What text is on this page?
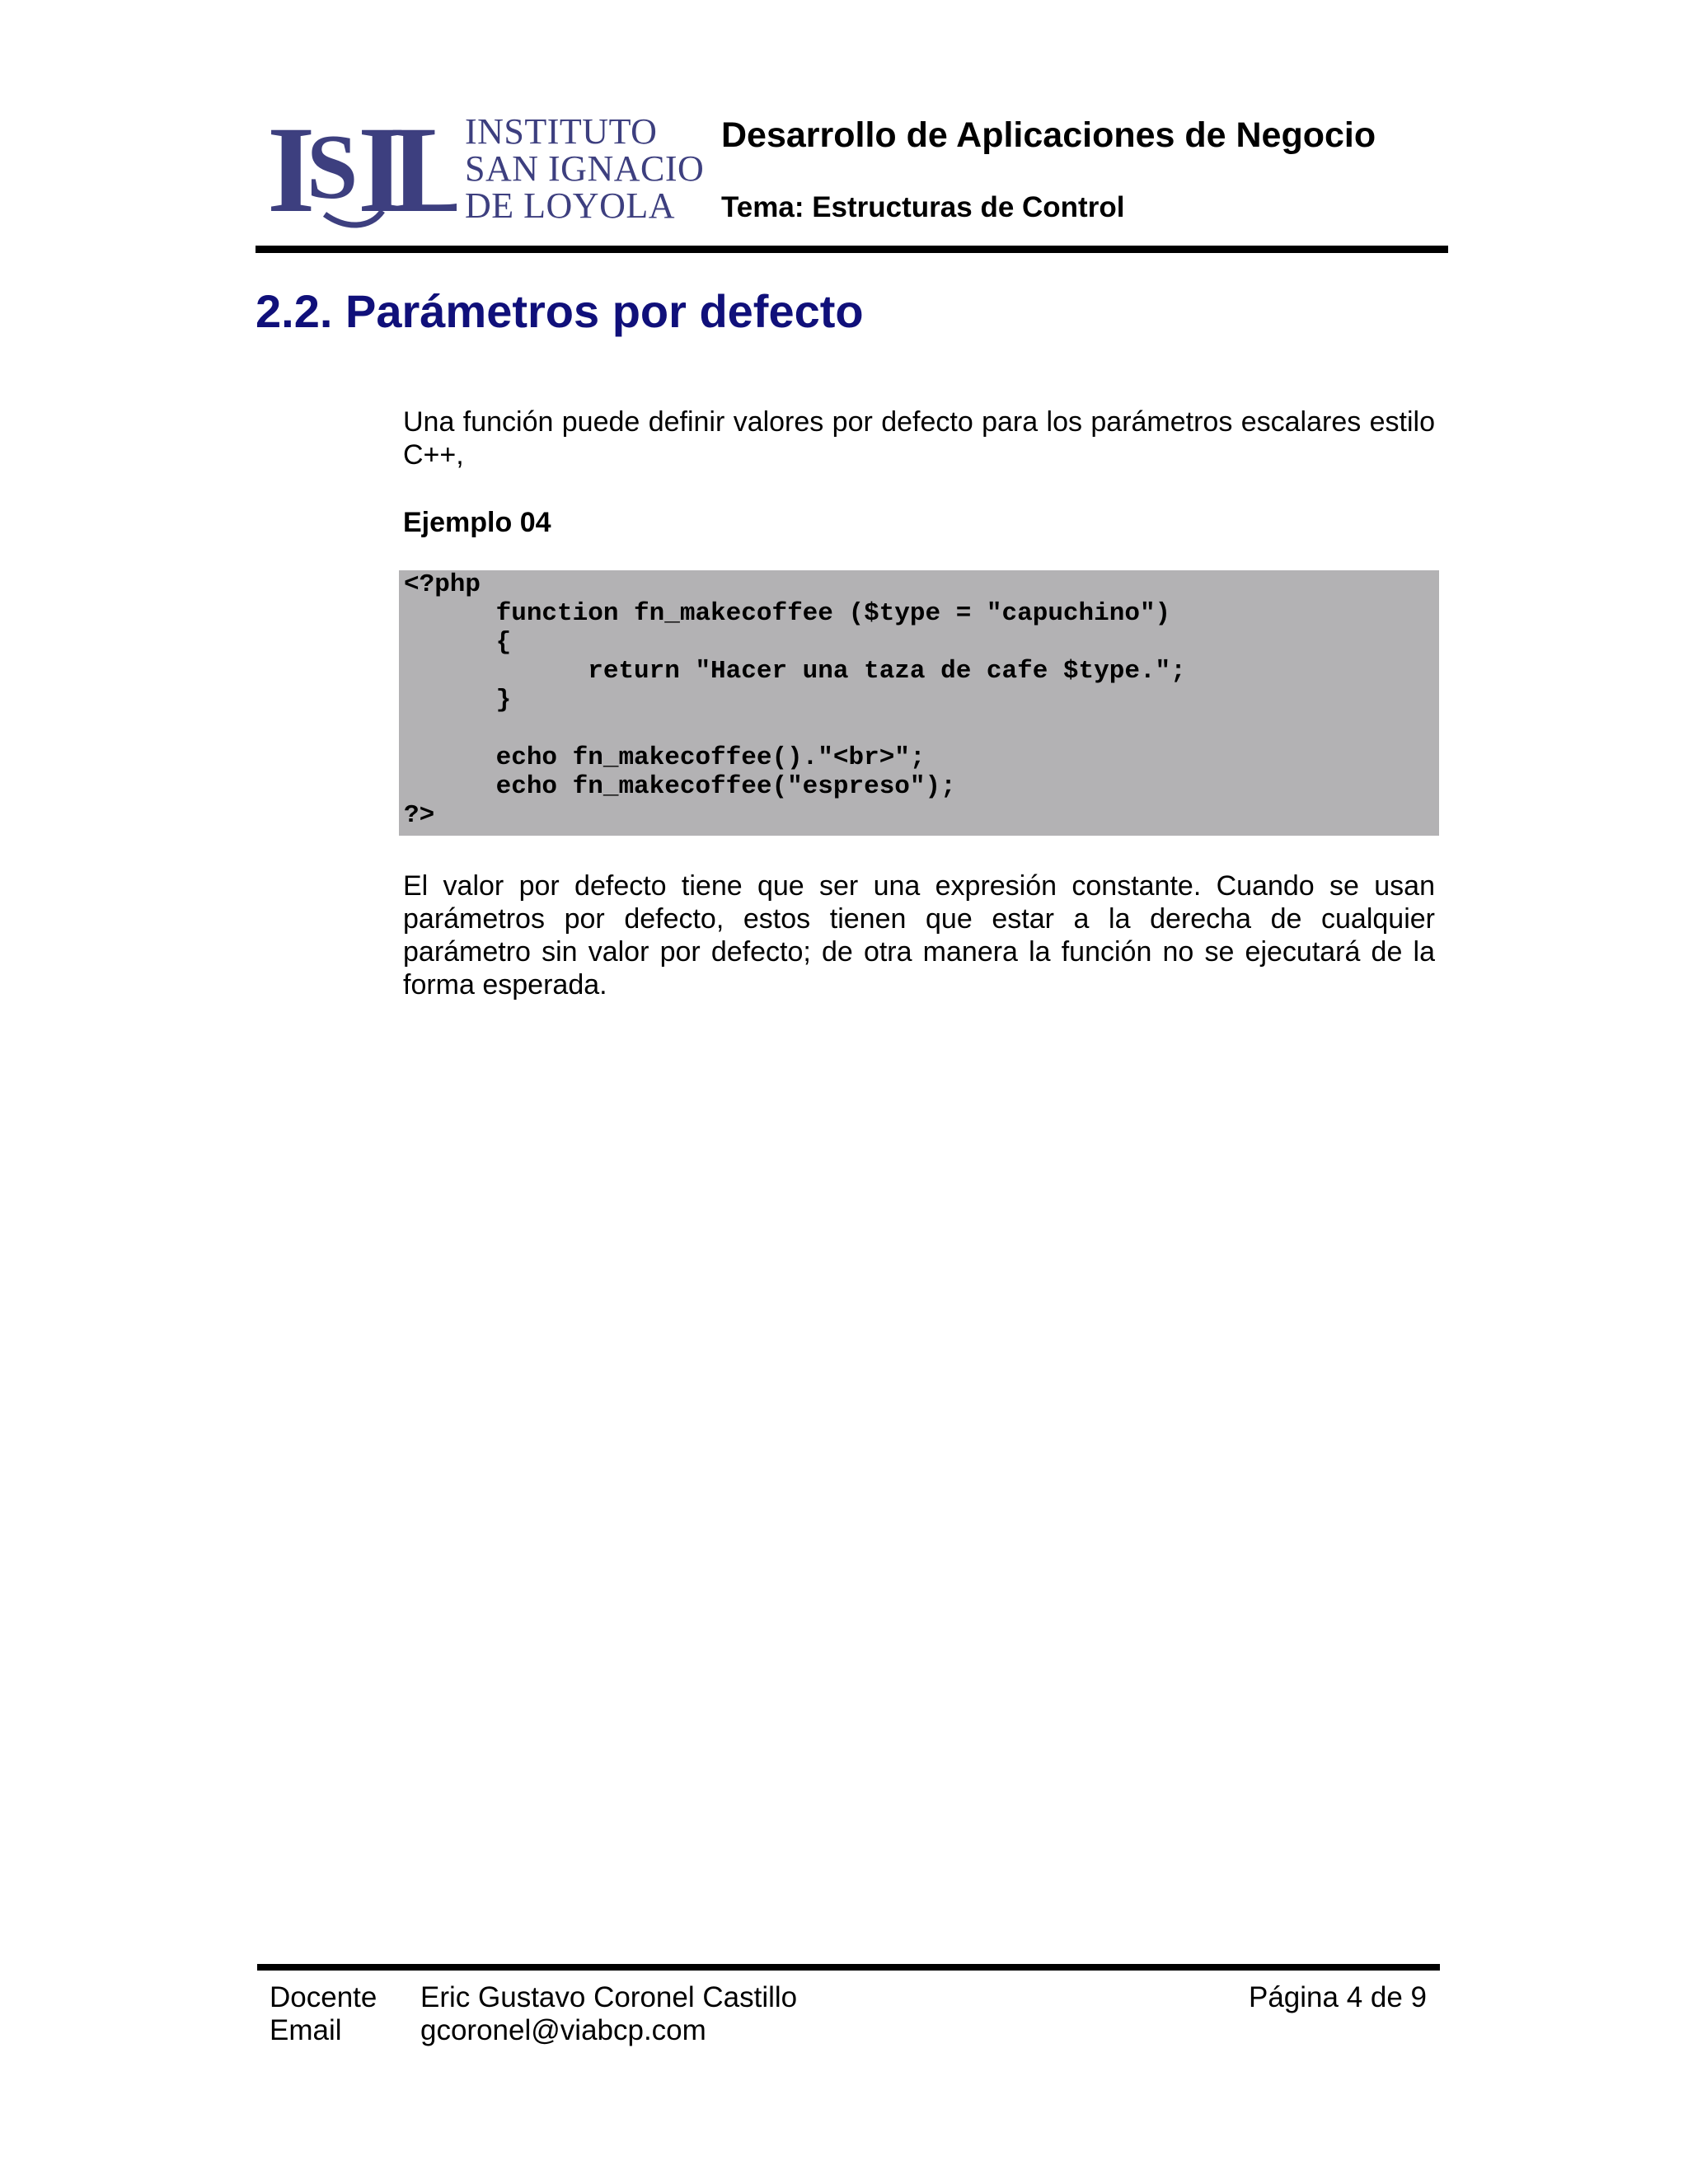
I
S I
L
INSTITUTO
SAN IGNACIO
DE LOYOLA
Desarrollo de Aplicaciones de Negocio
Tema: Estructuras de Control
2.2. Parámetros por defecto

Una función puede definir valores por defecto para los parámetros escalares estilo C++,

Ejemplo 04
<?php
function fn_makecoffee ($type = "capuchino")
{
return "Hacer una taza de cafe $type.";
}
echo fn_makecoffee()."<br>";
echo fn_makecoffee("espreso");
?>

El valor por defecto tiene que ser una expresión constante. Cuando se usan parámetros por defecto, estos tienen que estar a la derecha de cualquier parámetro sin valor por defecto; de otra manera la función no se ejecutará de la forma esperada.

Docente Eric Gustavo Coronel Castillo
Email	gcoronel@viabcp.com
Página 4 de 9
